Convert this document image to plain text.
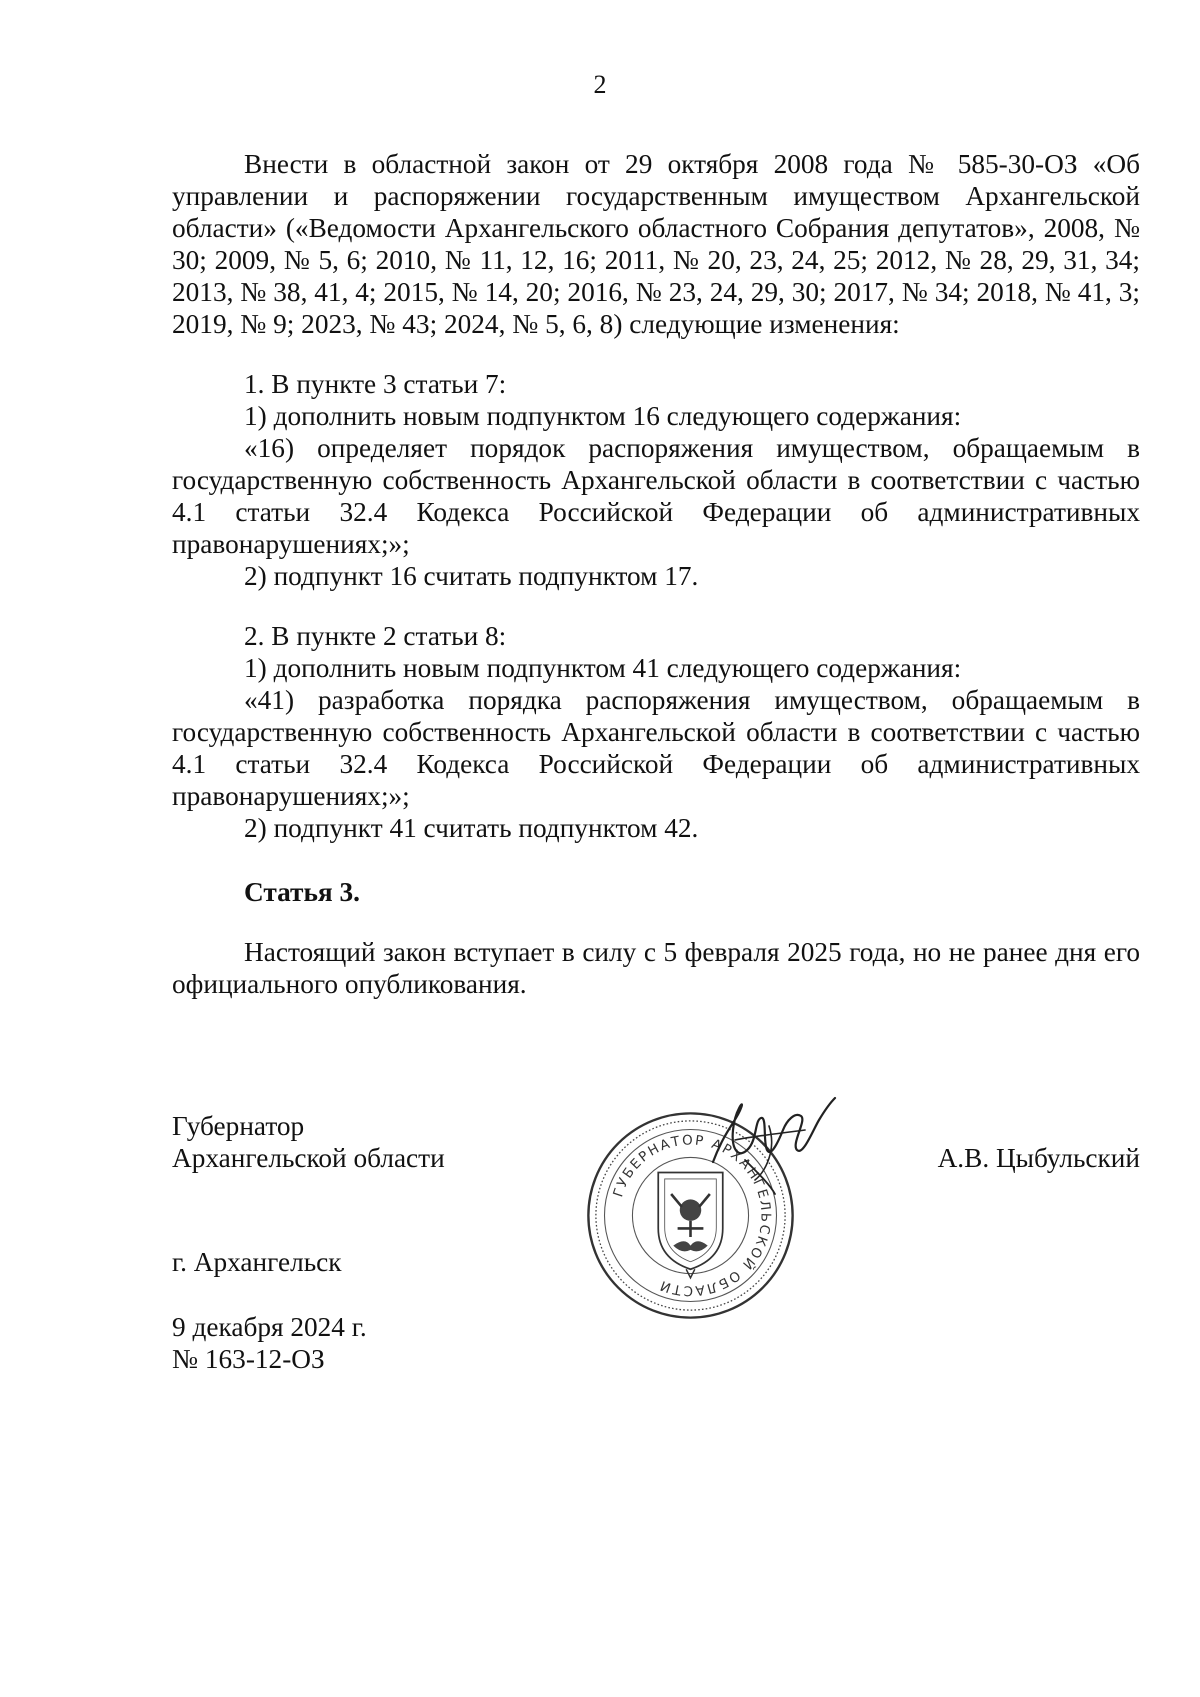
2

Внести в областной закон от 29 октября 2008 года № 585-30-ОЗ «Об управлении и распоряжении государственным имуществом Архангельской области» («Ведомости Архангельского областного Собрания депутатов», 2008, № 30; 2009, № 5, 6; 2010, № 11, 12, 16; 2011, № 20, 23, 24, 25; 2012, № 28, 29, 31, 34; 2013, № 38, 41, 4; 2015, № 14, 20; 2016, № 23, 24, 29, 30; 2017, № 34; 2018, № 41, 3; 2019, № 9; 2023, № 43; 2024, № 5, 6, 8) следующие изменения:

1. В пункте 3 статьи 7:

1) дополнить новым подпунктом 16 следующего содержания:

«16) определяет порядок распоряжения имуществом, обращаемым в государственную собственность Архангельской области в соответствии с частью 4.1 статьи 32.4 Кодекса Российской Федерации об административных правонарушениях;»;

2) подпункт 16 считать подпунктом 17.

2. В пункте 2 статьи 8:

1) дополнить новым подпунктом 41 следующего содержания:

«41) разработка порядка распоряжения имуществом, обращаемым в государственную собственность Архангельской области в соответствии с частью 4.1 статьи 32.4 Кодекса Российской Федерации об административных правонарушениях;»;

2) подпункт 41 считать подпунктом 42.

Статья 3.

Настоящий закон вступает в силу с 5 февраля 2025 года, но не ранее дня его официального опубликования.

Губернатор
Архангельской области	А.В. Цыбульский
г. Архангельск
9 декабря 2024 г.
№ 163-12-ОЗ
ГУБЕРНАТОР АРХАНГЕЛЬСКОЙ ОБЛАСТИ
